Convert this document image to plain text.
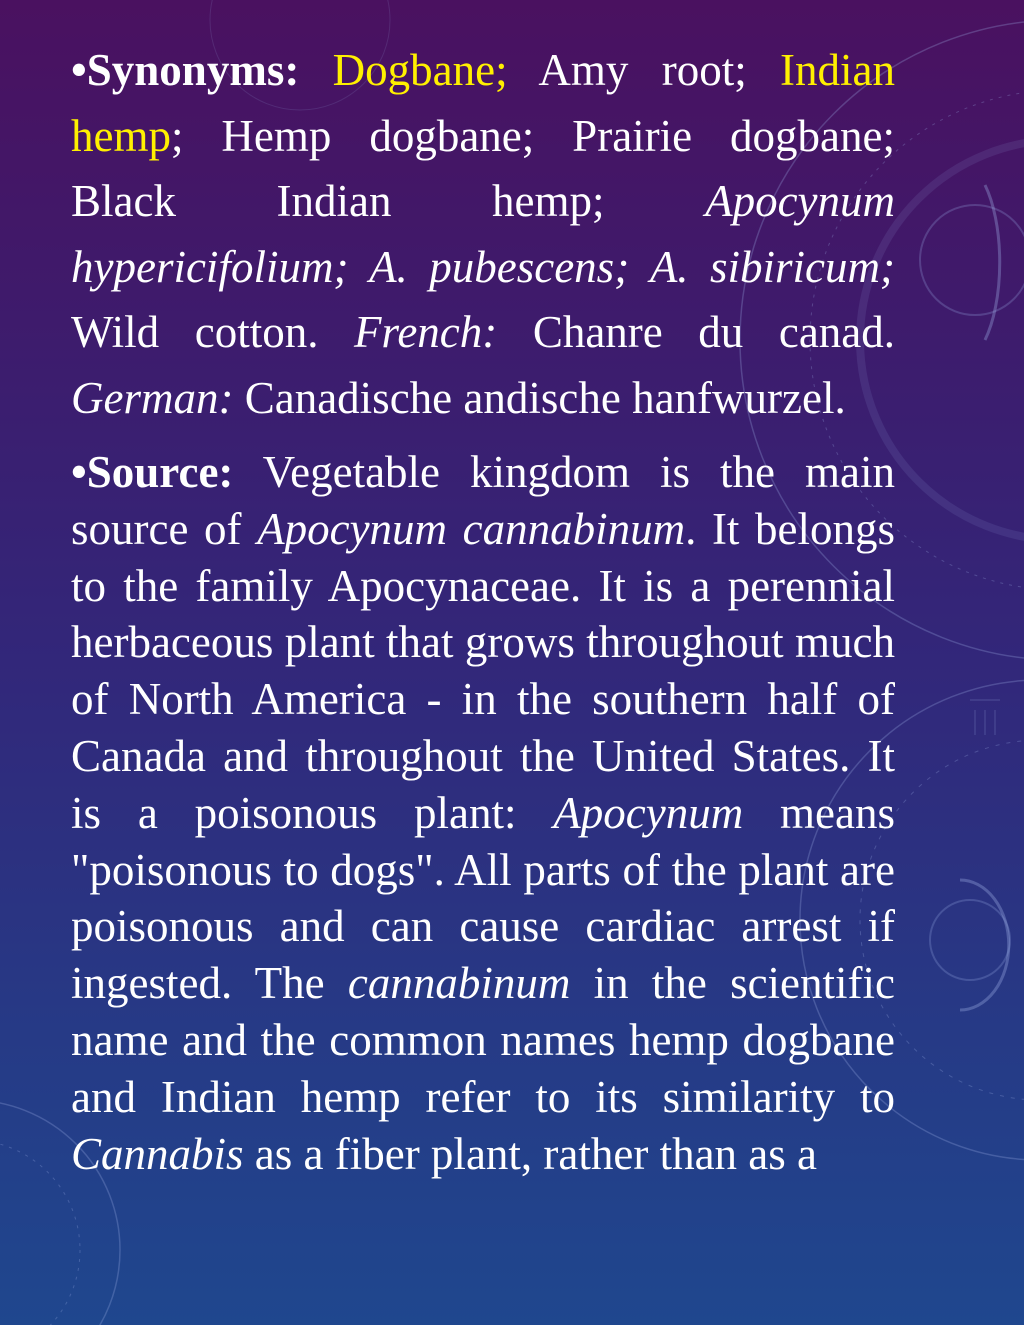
•Synonyms: Dogbane; Amy root; Indian hemp; Hemp dogbane; Prairie dogbane; Black Indian hemp; Apocynum hypericifolium; A. pubescens; A. sibiricum; Wild cotton. French: Chanre du canad. German: Canadische andische hanfwurzel.

•Source: Vegetable kingdom is the main source of Apocynum cannabinum. It belongs to the family Apocynaceae. It is a perennial herbaceous plant that grows throughout much of North America - in the southern half of Canada and throughout the United States. It is a poisonous plant: Apocynum means "poisonous to dogs". All parts of the plant are poisonous and can cause cardiac arrest if ingested. The cannabinum in the scientific name and the common names hemp dogbane and Indian hemp refer to its similarity to Cannabis as a fiber plant, rather than as a
